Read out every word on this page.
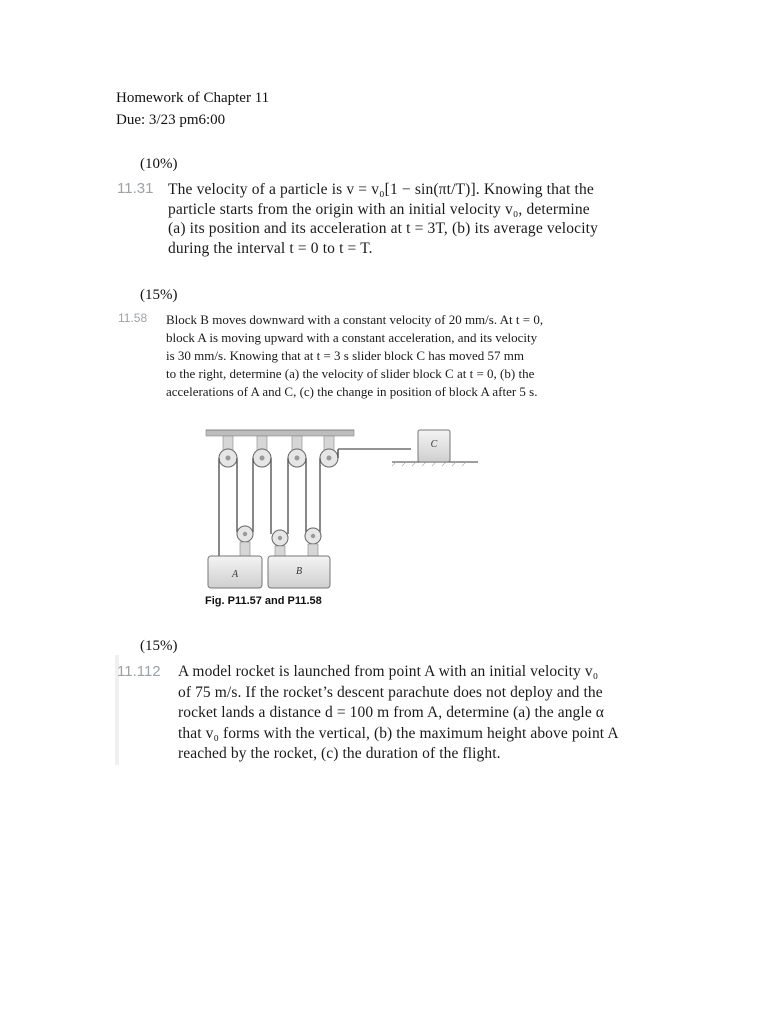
Homework of Chapter 11
Due: 3/23 pm6:00
(10%)
11.31 The velocity of a particle is v = v₀[1 − sin(πt/T)]. Knowing that the
particle starts from the origin with an initial velocity v₀, determine
(a) its position and its acceleration at t = 3T, (b) its average velocity
during the interval t = 0 to t = T.
(15%)
11.58 Block B moves downward with a constant velocity of 20 mm/s. At t = 0,
block A is moving upward with a constant acceleration, and its velocity
is 30 mm/s. Knowing that at t = 3 s slider block C has moved 57 mm
to the right, determine (a) the velocity of slider block C at t = 0, (b) the
accelerations of A and C, (c) the change in position of block A after 5 s.
A	B
C
Fig. P11.57 and P11.58
(15%)
11.112 A model rocket is launched from point A with an initial velocity v₀
of 75 m/s. If the rocket’s descent parachute does not deploy and the
rocket lands a distance d = 100 m from A, determine (a) the angle α
that v₀ forms with the vertical, (b) the maximum height above point A
reached by the rocket, (c) the duration of the flight.
